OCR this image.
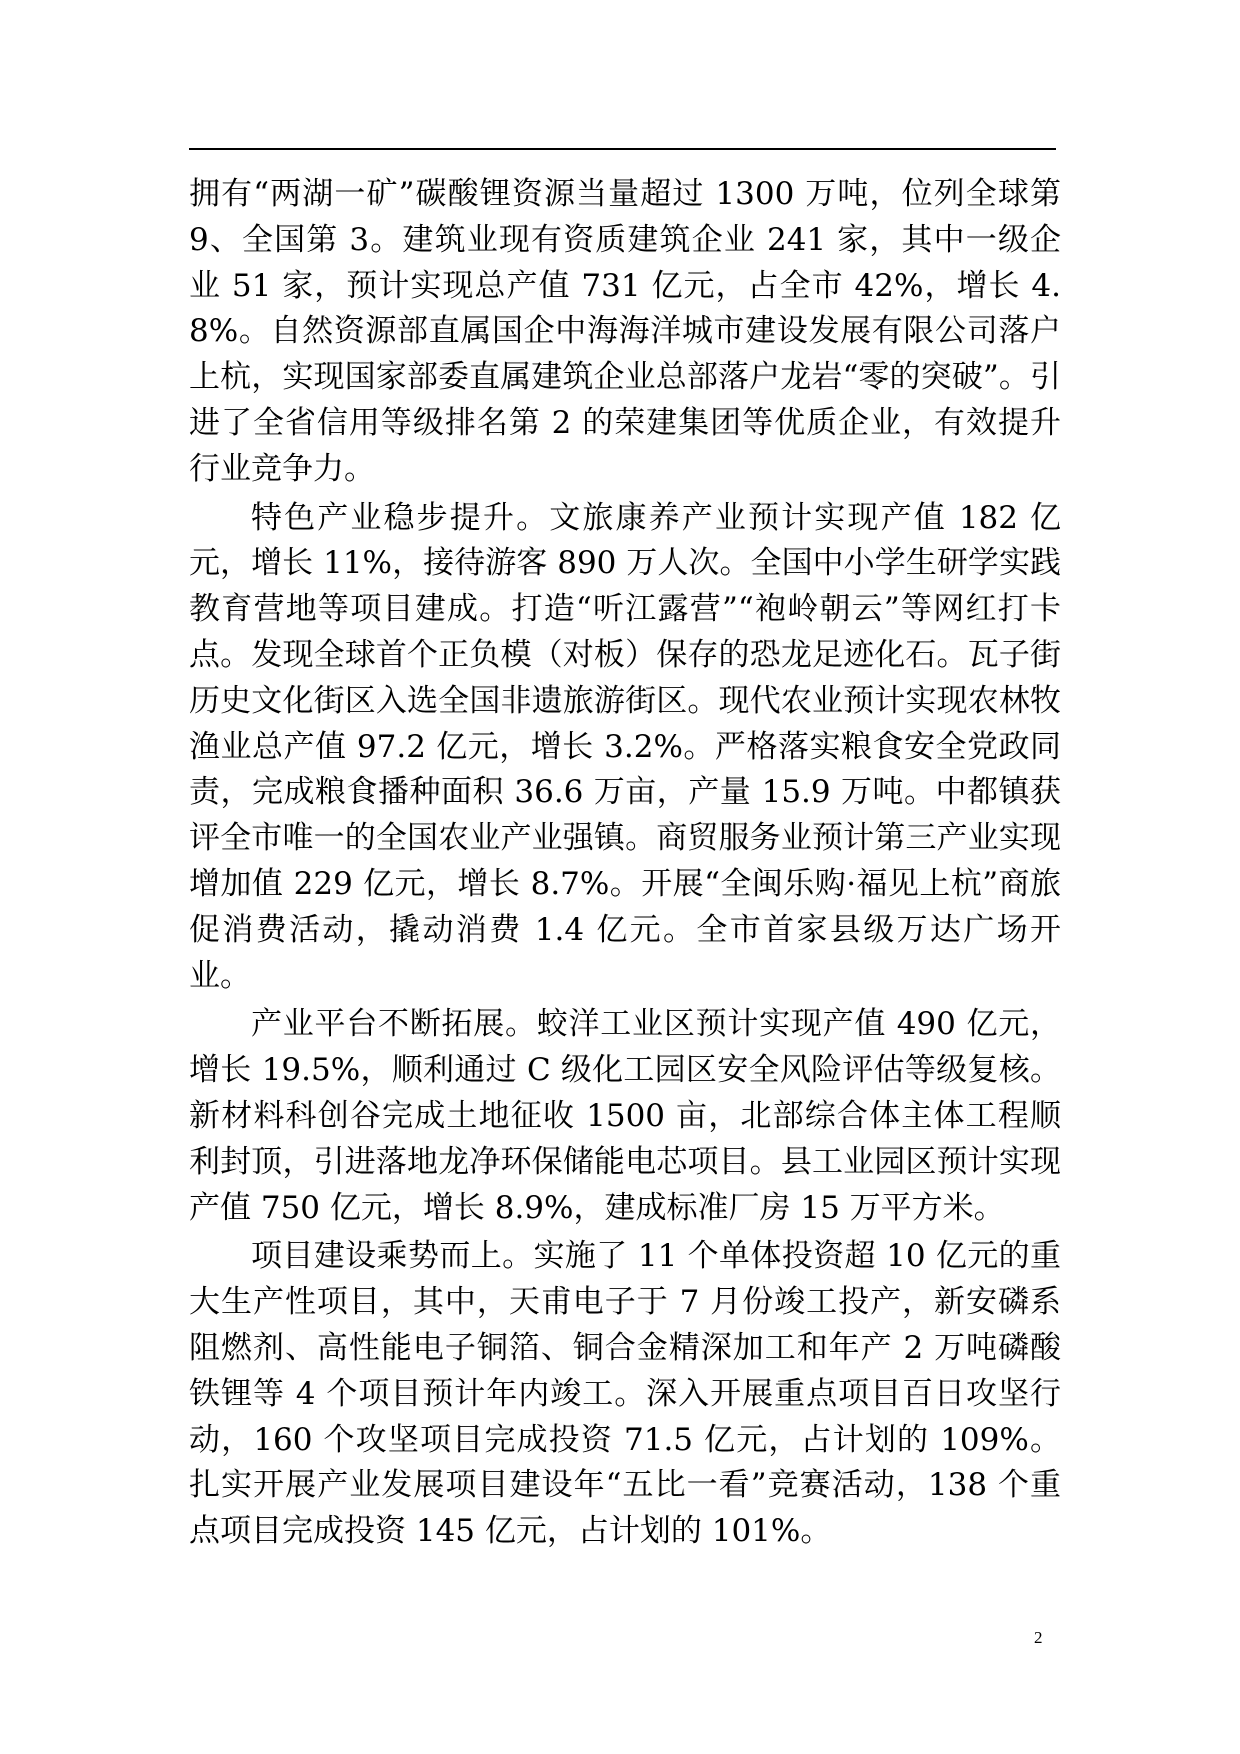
拥有“两湖一矿”碳酸锂资源当量超过 1300 万吨，位列全球第 9、全国第 3。建筑业现有资质建筑企业 241 家，其中一级企业 51 家，预计实现总产值 731 亿元，占全市 42%，增长 4.8%。自然资源部直属国企中海海洋城市建设发展有限公司落户上杭，实现国家部委直属建筑企业总部落户龙岩“零的突破”。引进了全省信用等级排名第 2 的荣建集团等优质企业，有效提升行业竞争力。

特色产业稳步提升。文旅康养产业预计实现产值 182 亿元，增长 11%，接待游客 890 万人次。全国中小学生研学实践教育营地等项目建成。打造“听江露营”“袍岭朝云”等网红打卡点。发现全球首个正负模（对板）保存的恐龙足迹化石。瓦子街历史文化街区入选全国非遗旅游街区。现代农业预计实现农林牧渔业总产值 97.2 亿元，增长 3.2%。严格落实粮食安全党政同责，完成粮食播种面积 36.6 万亩，产量 15.9 万吨。中都镇获评全市唯一的全国农业产业强镇。商贸服务业预计第三产业实现增加值 229 亿元，增长 8.7%。开展“全闽乐购·福见上杭”商旅促消费活动，撬动消费 1.4 亿元。全市首家县级万达广场开业。

产业平台不断拓展。蛟洋工业区预计实现产值 490 亿元，增长 19.5%，顺利通过 C 级化工园区安全风险评估等级复核。新材料科创谷完成土地征收 1500 亩，北部综合体主体工程顺利封顶，引进落地龙净环保储能电芯项目。县工业园区预计实现产值 750 亿元，增长 8.9%，建成标准厂房 15 万平方米。

项目建设乘势而上。实施了 11 个单体投资超 10 亿元的重大生产性项目，其中，天甫电子于 7 月份竣工投产，新安磷系阻燃剂、高性能电子铜箔、铜合金精深加工和年产 2 万吨磷酸铁锂等 4 个项目预计年内竣工。深入开展重点项目百日攻坚行动，160 个攻坚项目完成投资 71.5 亿元，占计划的 109%。扎实开展产业发展项目建设年“五比一看”竞赛活动，138 个重点项目完成投资 145 亿元，占计划的 101%。

2
